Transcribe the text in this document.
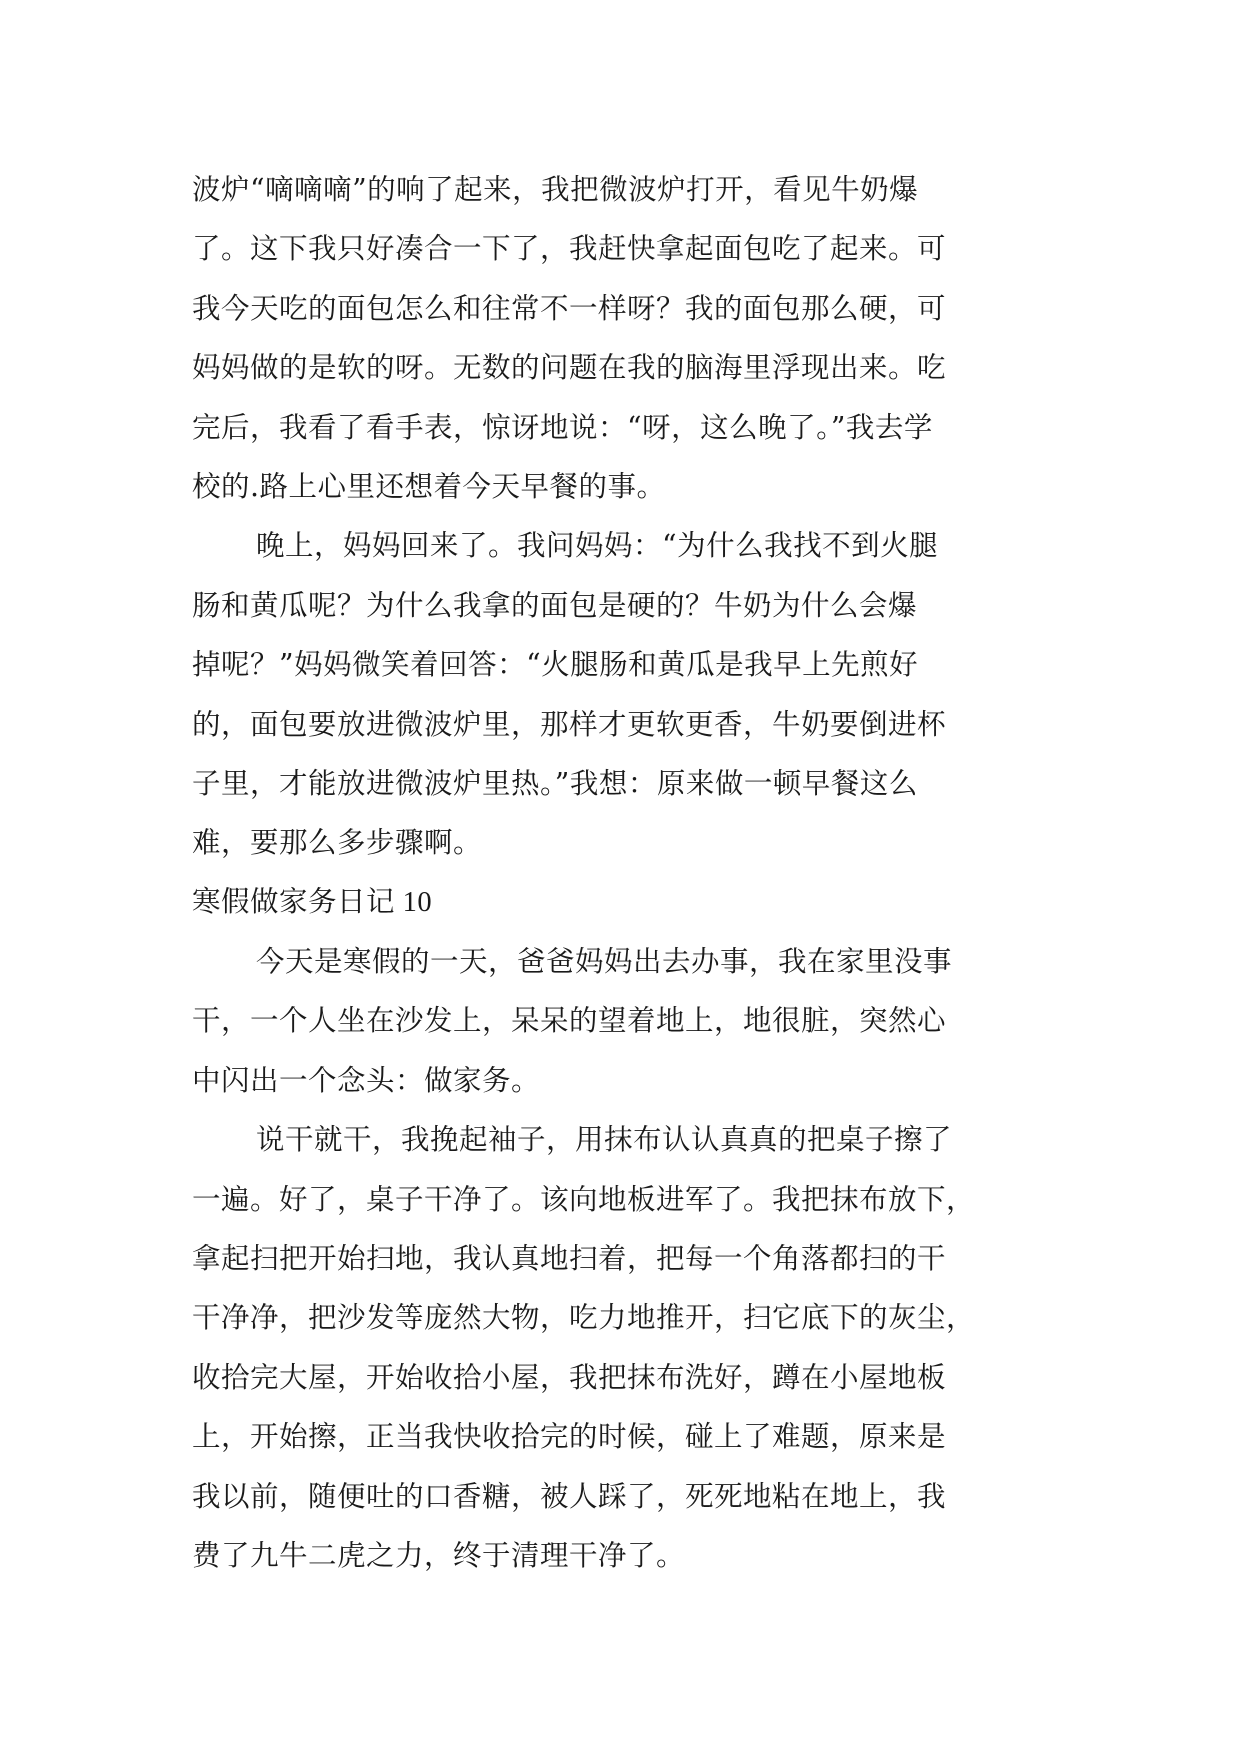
波炉“嘀嘀嘀”的响了起来，我把微波炉打开，看见牛奶爆
了。这下我只好凑合一下了，我赶快拿起面包吃了起来。可
我今天吃的面包怎么和往常不一样呀？我的面包那么硬，可
妈妈做的是软的呀。无数的问题在我的脑海里浮现出来。吃
完后，我看了看手表，惊讶地说：“呀，这么晚了。”我去学
校的.路上心里还想着今天早餐的事。
晚上，妈妈回来了。我问妈妈：“为什么我找不到火腿
肠和黄瓜呢？为什么我拿的面包是硬的？牛奶为什么会爆
掉呢？”妈妈微笑着回答：“火腿肠和黄瓜是我早上先煎好
的，面包要放进微波炉里，那样才更软更香，牛奶要倒进杯
子里，才能放进微波炉里热。”我想：原来做一顿早餐这么
难，要那么多步骤啊。
寒假做家务日记 10
今天是寒假的一天，爸爸妈妈出去办事，我在家里没事
干，一个人坐在沙发上，呆呆的望着地上，地很脏，突然心
中闪出一个念头：做家务。
说干就干，我挽起袖子，用抹布认认真真的把桌子擦了
一遍。好了，桌子干净了。该向地板进军了。我把抹布放下，
拿起扫把开始扫地，我认真地扫着，把每一个角落都扫的干
干净净，把沙发等庞然大物，吃力地推开，扫它底下的灰尘，
收拾完大屋，开始收拾小屋，我把抹布洗好，蹲在小屋地板
上，开始擦，正当我快收拾完的时候，碰上了难题，原来是
我以前，随便吐的口香糖，被人踩了，死死地粘在地上，我
费了九牛二虎之力，终于清理干净了。
